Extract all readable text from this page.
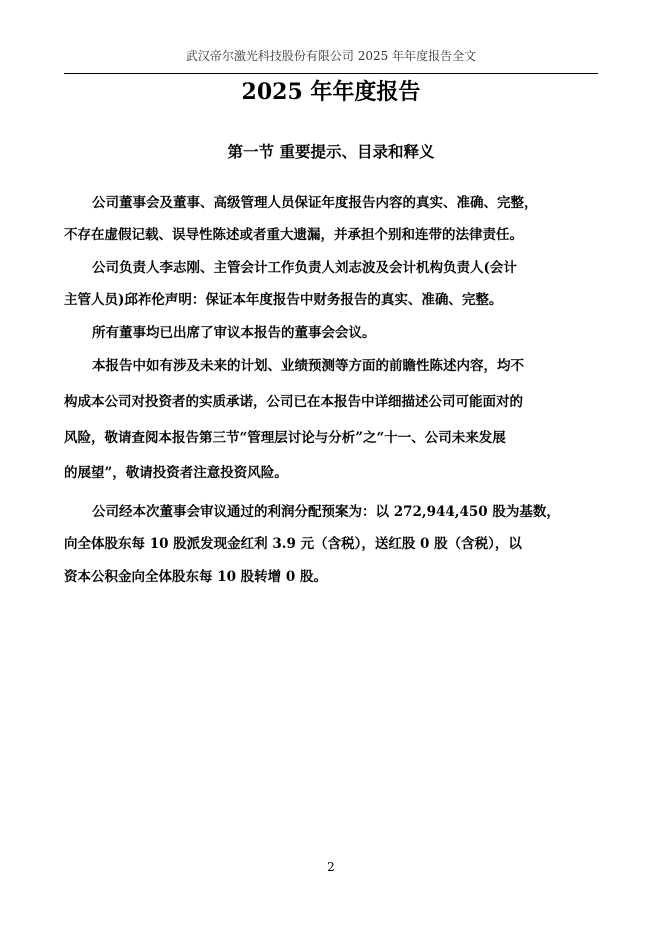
武汉帝尔激光科技股份有限公司 2025 年年度报告全文
2025 年年度报告
第一节 重要提示、目录和释义
公司董事会及董事、高级管理人员保证年度报告内容的真实、准确、完整，
不存在虚假记载、误导性陈述或者重大遗漏，并承担个别和连带的法律责任。
公司负责人李志刚、主管会计工作负责人刘志波及会计机构负责人(会计
主管人员)邱祚伦声明：保证本年度报告中财务报告的真实、准确、完整。
所有董事均已出席了审议本报告的董事会会议。
本报告中如有涉及未来的计划、业绩预测等方面的前瞻性陈述内容，均不
构成本公司对投资者的实质承诺，公司已在本报告中详细描述公司可能面对的
风险，敬请查阅本报告第三节“管理层讨论与分析”之“十一、公司未来发展
的展望”，敬请投资者注意投资风险。
公司经本次董事会审议通过的利润分配预案为：以 272,944,450 股为基数，
向全体股东每 10 股派发现金红利 3.9 元（含税），送红股 0 股（含税），以
资本公积金向全体股东每 10 股转增 0 股。
2
